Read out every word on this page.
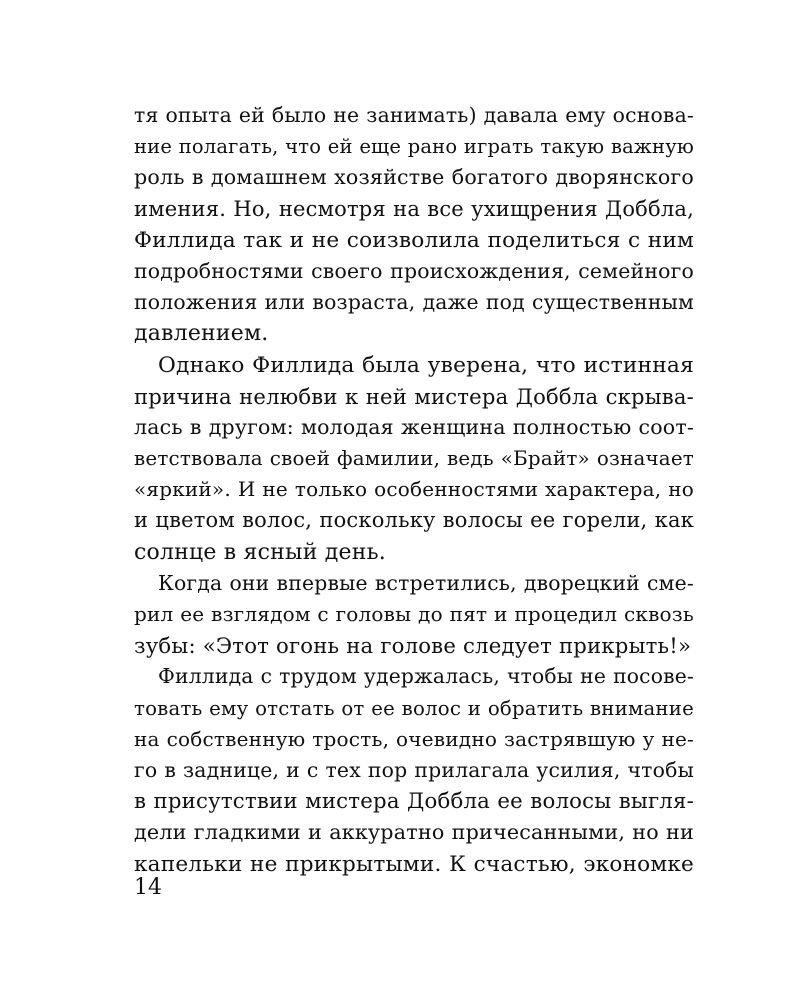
тя опыта ей было не занимать) давала ему основа-
ние полагать, что ей еще рано играть такую важную
роль в домашнем хозяйстве богатого дворянского
имения. Но, несмотря на все ухищрения Доббла,
Филлида так и не соизволила поделиться с ним
подробностями своего происхождения, семейного
положения или возраста, даже под существенным
давлением.
Однако Филлида была уверена, что истинная
причина нелюбви к ней мистера Доббла скрыва-
лась в другом: молодая женщина полностью соот-
ветствовала своей фамилии, ведь «Брайт» означает
«яркий». И не только особенностями характера, но
и цветом волос, поскольку волосы ее горели, как
солнце в ясный день.
Когда они впервые встретились, дворецкий сме-
рил ее взглядом с головы до пят и процедил сквозь
зубы: «Этот огонь на голове следует прикрыть!»
Филлида с трудом удержалась, чтобы не посове-
товать ему отстать от ее волос и обратить внимание
на собственную трость, очевидно застрявшую у не-
го в заднице, и с тех пор прилагала усилия, чтобы
в присутствии мистера Доббла ее волосы выгля-
дели гладкими и аккуратно причесанными, но ни
капельки не прикрытыми. К счастью, экономке
14
